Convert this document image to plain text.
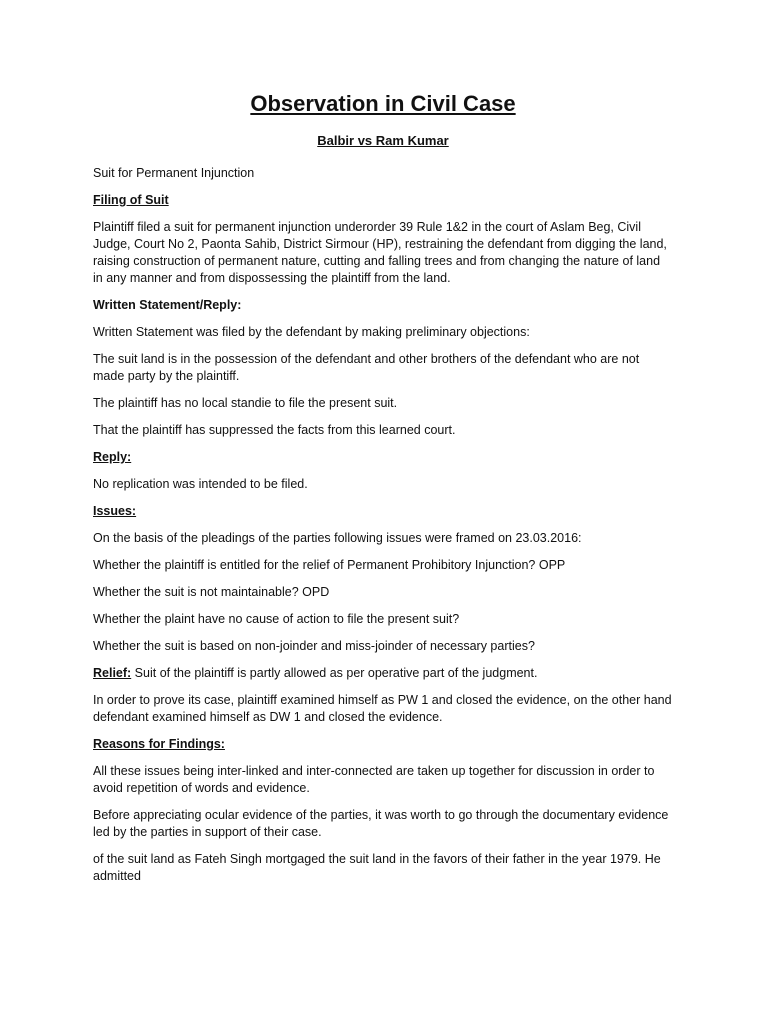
Observation in Civil Case
Balbir vs Ram Kumar
Suit for Permanent Injunction
Filing of Suit
Plaintiff filed a suit for permanent injunction underorder 39 Rule 1&2 in the court of Aslam Beg, Civil Judge, Court No 2, Paonta Sahib, District Sirmour (HP), restraining the defendant from digging the land, raising construction of permanent nature, cutting and falling trees and from changing the nature of land in any manner and from dispossessing the plaintiff from the land.
Written Statement/Reply:
Written Statement was filed by the defendant by making preliminary objections:
The suit land is in the possession of the defendant and other brothers of the defendant who are not made party by the plaintiff.
The plaintiff has no local standie to file the present suit.
That the plaintiff has suppressed the facts from this learned court.
Reply:
No replication was intended to be filed.
Issues:
On the basis of the pleadings of the parties following issues were framed on 23.03.2016:
Whether the plaintiff is entitled for the relief of Permanent Prohibitory Injunction? OPP
Whether the suit is not maintainable? OPD
Whether the plaint have no cause of action to file the present suit?
Whether the suit is based on non-joinder and miss-joinder of necessary parties?
Relief: Suit of the plaintiff is partly allowed as per operative part of the judgment.
In order to prove its case, plaintiff examined himself as PW 1 and closed the evidence, on the other hand defendant examined himself as DW 1 and closed the evidence.
Reasons for Findings:
All these issues being inter-linked and inter-connected are taken up together for discussion in order to avoid repetition of words and evidence.
Before appreciating ocular evidence of the parties, it was worth to go through the documentary evidence led by the parties in support of their case.
of the suit land as Fateh Singh mortgaged the suit land in the favors of their father in the year 1979. He admitted
